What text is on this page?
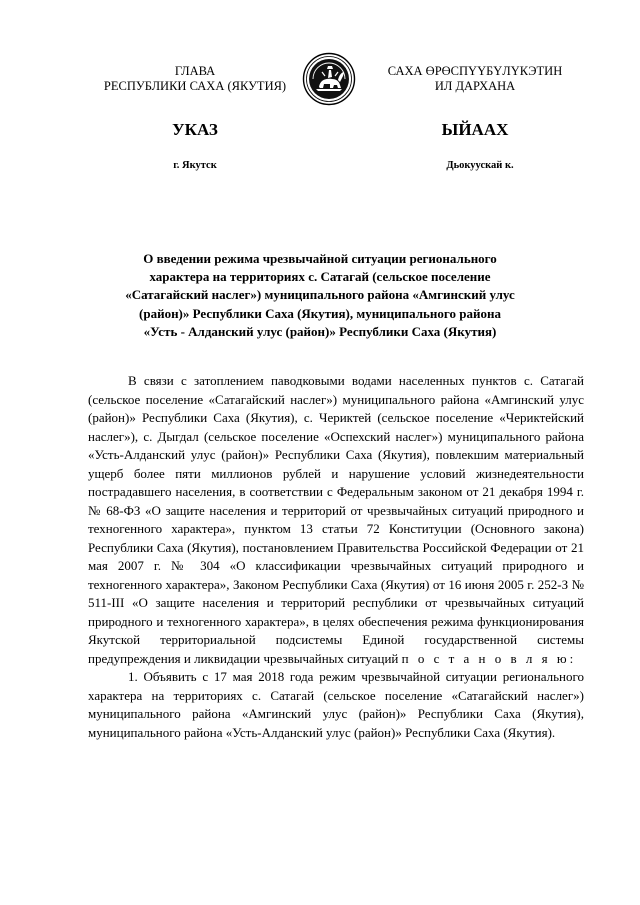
ГЛАВА
РЕСПУБЛИКИ САХА (ЯКУТИЯ)
САХА ӨРӨСПҮҮБҮЛҮКЭТИН
ИЛ ДАРХАНА
УКАЗ	ЫЙААХ
г. Якутск	Дьокуускай к.
О введении режима чрезвычайной ситуации регионального
характера на территориях с. Сатагай (сельское поселение
«Сатагайский наслег») муниципального района «Амгинский улус
(район)» Республики Саха (Якутия), муниципального района
«Усть - Алданский улус (район)» Республики Саха (Якутия)

В связи с затоплением паводковыми водами населенных пунктов с. Сатагай (сельское поселение «Сатагайский наслег») муниципального района «Амгинский улус (район)» Республики Саха (Якутия), с. Чериктей (сельское поселение «Чериктейский наслег»), с. Дыгдал (сельское поселение «Оспехский наслег») муниципального района «Усть-Алданский улус (район)» Республики Саха (Якутия), повлекшим материальный ущерб более пяти миллионов рублей и нарушение условий жизнедеятельности пострадавшего населения, в соответствии с Федеральным законом от 21 декабря 1994 г. № 68-ФЗ «О защите населения и территорий от чрезвычайных ситуаций природного и техногенного характера», пунктом 13 статьи 72 Конституции (Основного закона) Республики Саха (Якутия), постановлением Правительства Российской Федерации от 21 мая 2007 г. № 304 «О классификации чрезвычайных ситуаций природного и техногенного характера», Законом Республики Саха (Якутия) от 16 июня 2005 г. 252-З № 511-III «О защите населения и территорий республики от чрезвычайных ситуаций природного и техногенного характера», в целях обеспечения режима функционирования Якутской территориальной подсистемы Единой государственной системы предупреждения и ликвидации чрезвычайных ситуаций п о с т а н о в л я ю:

1. Объявить с 17 мая 2018 года режим чрезвычайной ситуации регионального характера на территориях с. Сатагай (сельское поселение «Сатагайский наслег») муниципального района «Амгинский улус (район)» Республики Саха (Якутия), муниципального района «Усть-Алданский улус (район)» Республики Саха (Якутия).
